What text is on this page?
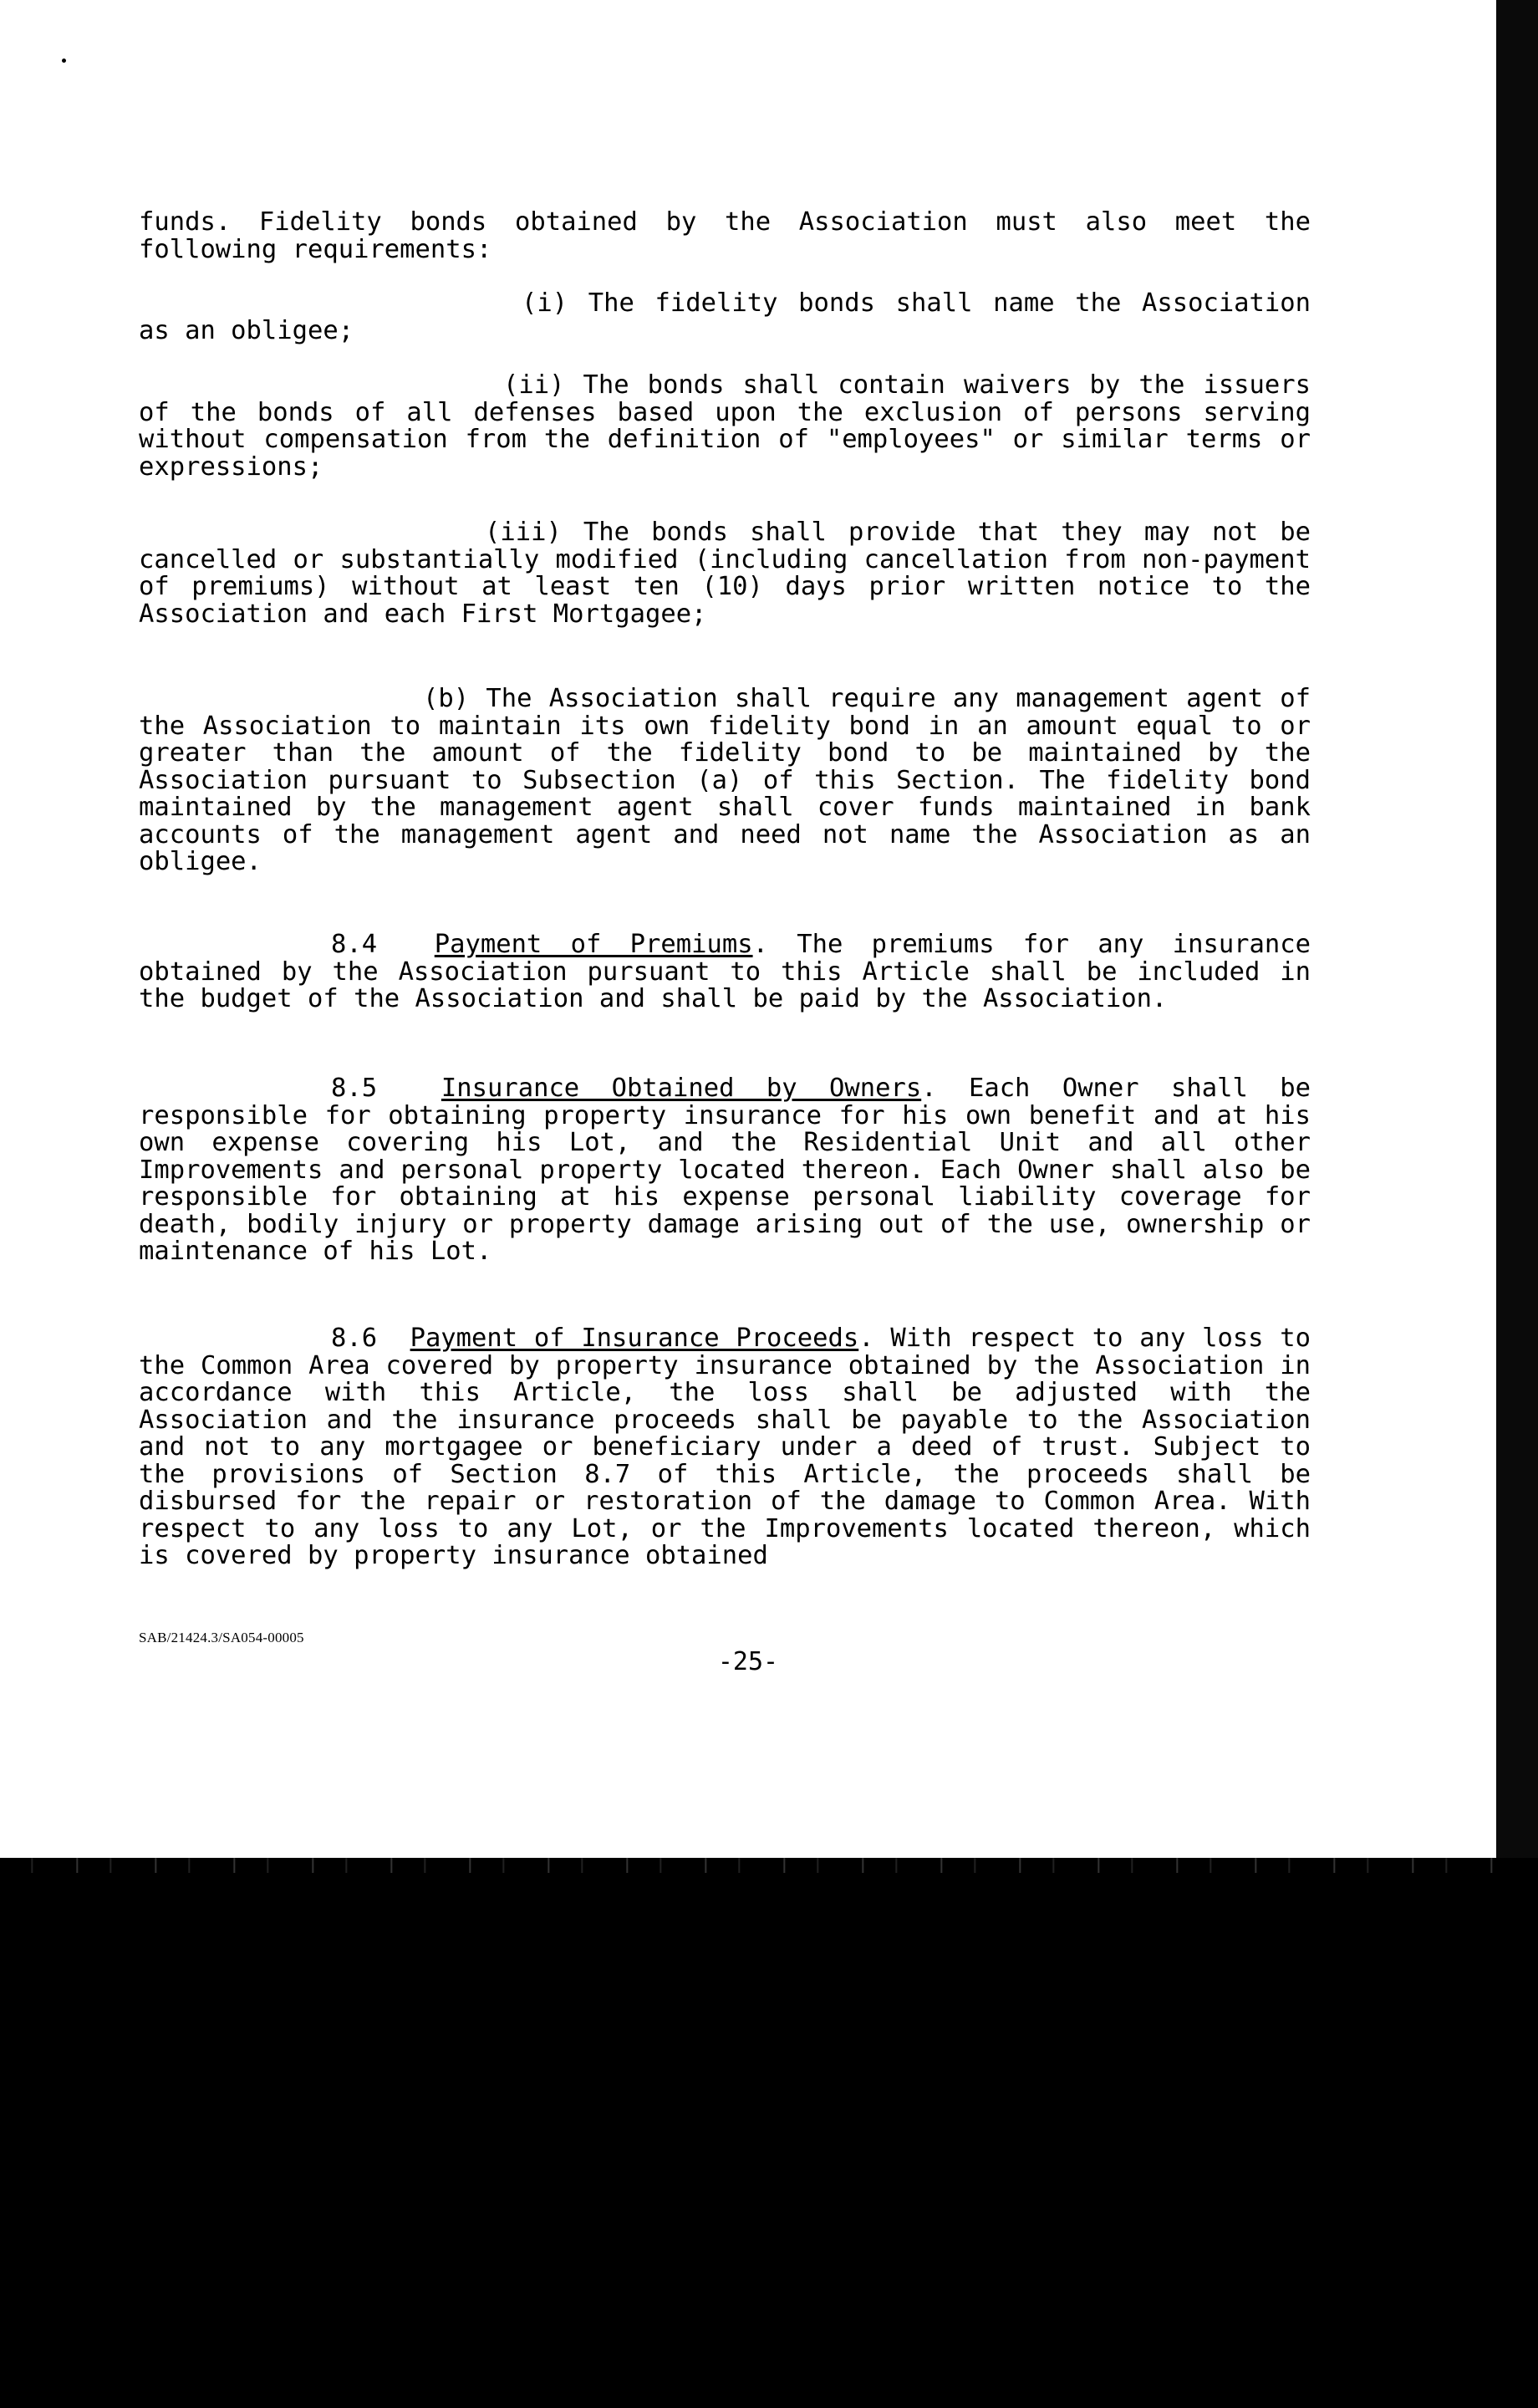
funds. Fidelity bonds obtained by the Association must also meet the following requirements:

(i) The fidelity bonds shall name the Association as an obligee;

(ii) The bonds shall contain waivers by the issuers of the bonds of all defenses based upon the exclusion of persons serving without compensation from the definition of "employees" or similar terms or expressions;

(iii) The bonds shall provide that they may not be cancelled or substantially modified (including cancellation from non-payment of premiums) without at least ten (10) days prior written notice to the Association and each First Mortgagee;

(b) The Association shall require any management agent of the Association to maintain its own fidelity bond in an amount equal to or greater than the amount of the fidelity bond to be maintained by the Association pursuant to Subsection (a) of this Section. The fidelity bond maintained by the management agent shall cover funds maintained in bank accounts of the management agent and need not name the Association as an obligee.

8.4 Payment of Premiums. The premiums for any insurance obtained by the Association pursuant to this Article shall be included in the budget of the Association and shall be paid by the Association.

8.5	Insurance Obtained by Owners. Each Owner shall be responsible for obtaining property insurance for his own benefit and at his own expense covering his Lot, and the Residential Unit and all other Improvements and personal property located thereon. Each Owner shall also be responsible for obtaining at his expense personal liability coverage for death, bodily injury or property damage arising out of the use, ownership or maintenance of his Lot.

8.6 Payment of Insurance Proceeds. With respect to any loss to the Common Area covered by property insurance obtained by the Association in accordance with this Article, the loss shall be adjusted with the Association and the insurance proceeds shall be payable to the Association and not to any mortgagee or beneficiary under a deed of trust. Subject to the provisions of Section 8.7 of this Article, the proceeds shall be disbursed for the repair or restoration of the damage to Common Area. With respect to any loss to any Lot, or the Improvements located thereon, which is covered by property insurance obtained

SAB/21424.3/SA054-00005
-25-
